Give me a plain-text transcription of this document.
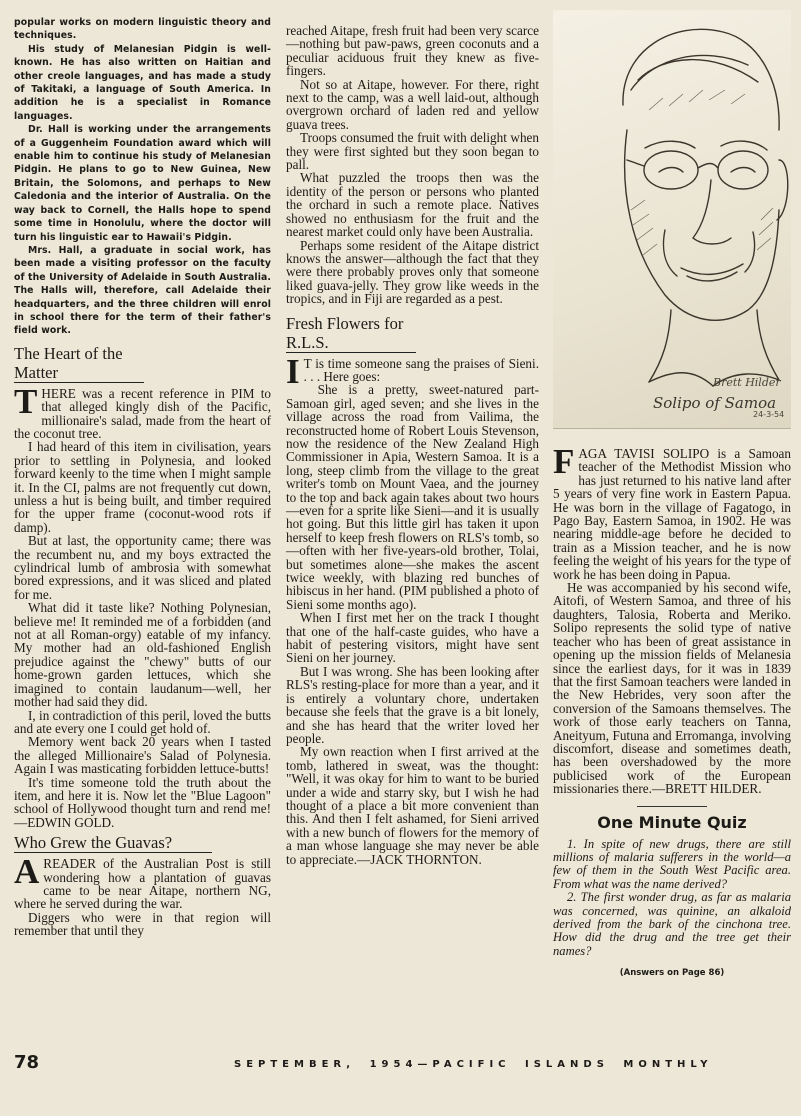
popular works on modern linguistic theory and techniques.

His study of Melanesian Pidgin is well-known. He has also written on Haitian and other creole languages, and has made a study of Takitaki, a language of South America. In addition he is a specialist in Romance languages.

Dr. Hall is working under the arrangements of a Guggenheim Foundation award which will enable him to continue his study of Melanesian Pidgin. He plans to go to New Guinea, New Britain, the Solomons, and perhaps to New Caledonia and the interior of Australia. On the way back to Cornell, the Halls hope to spend some time in Honolulu, where the doctor will turn his linguistic ear to Hawaii's Pidgin.

Mrs. Hall, a graduate in social work, has been made a visiting professor on the faculty of the University of Adelaide in South Australia. The Halls will, therefore, call Adelaide their headquarters, and the three children will enrol in school there for the term of their father's field work.

The Heart of the
Matter

THERE was a recent reference in PIM to that alleged kingly dish of the Pacific, millionaire's salad, made from the heart of the coconut tree.

I had heard of this item in civilisation, years prior to settling in Polynesia, and looked forward keenly to the time when I might sample it. In the CI, palms are not frequently cut down, unless a hut is being built, and timber required for the upper frame (coconut-wood rots if damp).

But at last, the opportunity came; there was the recumbent nu, and my boys extracted the cylindrical lumb of ambrosia with somewhat bored expressions, and it was sliced and plated for me.

What did it taste like? Nothing Polynesian, believe me! It reminded me of a forbidden (and not at all Roman-orgy) eatable of my infancy. My mother had an old-fashioned English prejudice against the "chewy" butts of our home-grown garden lettuces, which she imagined to contain laudanum—well, her mother had said they did.

I, in contradiction of this peril, loved the butts and ate every one I could get hold of.

Memory went back 20 years when I tasted the alleged Millionaire's Salad of Polynesia. Again I was masticating forbidden lettuce-butts!

It's time someone told the truth about the item, and here it is. Now let the "Blue Lagoon" school of Hollywood thought turn and rend me!—EDWIN GOLD.

Who Grew the Guavas?

AREADER of the Australian Post is still wondering how a plantation of guavas came to be near Aitape, northern NG, where he served during the war.

Diggers who were in that region will remember that until they

reached Aitape, fresh fruit had been very scarce—nothing but paw-paws, green coconuts and a peculiar aciduous fruit they knew as five-fingers.

Not so at Aitape, however. For there, right next to the camp, was a well laid-out, although overgrown orchard of laden red and yellow guava trees.

Troops consumed the fruit with delight when they were first sighted but they soon began to pall.

What puzzled the troops then was the identity of the person or persons who planted the orchard in such a remote place. Natives showed no enthusiasm for the fruit and the nearest market could only have been Australia.

Perhaps some resident of the Aitape district knows the answer—although the fact that they were there probably proves only that someone liked guava-jelly. They grow like weeds in the tropics, and in Fiji are regarded as a pest.

Fresh Flowers for
R.L.S.

I T is time someone sang the praises of Sieni. . . . Here goes:

She is a pretty, sweet-natured part-Samoan girl, aged seven; and she lives in the village across the road from Vailima, the reconstructed home of Robert Louis Stevenson, now the residence of the New Zealand High Commissioner in Apia, Western Samoa. It is a long, steep climb from the village to the great writer's tomb on Mount Vaea, and the journey to the top and back again takes about two hours—even for a sprite like Sieni—and it is usually hot going. But this little girl has taken it upon herself to keep fresh flowers on RLS's tomb, so—often with her five-years-old brother, Tolai, but sometimes alone—she makes the ascent twice weekly, with blazing red bunches of hibiscus in her hand. (PIM published a photo of Sieni some months ago).

When I first met her on the track I thought that one of the half-caste guides, who have a habit of pestering visitors, might have sent Sieni on her journey.

But I was wrong. She has been looking after RLS's resting-place for more than a year, and it is entirely a voluntary chore, undertaken because she feels that the grave is a bit lonely, and she has heard that the writer loved her people.

My own reaction when I first arrived at the tomb, lathered in sweat, was the thought: "Well, it was okay for him to want to be buried under a wide and starry sky, but I wish he had thought of a place a bit more convenient than this. And then I felt ashamed, for Sieni arrived with a new bunch of flowers for the memory of a man whose language she may never be able to appreciate.—JACK THORNTON.

Solipo of Samoa
Brett Hilder
24-3-54

FAGA TAVISI SOLIPO is a Samoan teacher of the Methodist Mission who has just returned to his native land after 5 years of very fine work in Eastern Papua. He was born in the village of Fagatogo, in Pago Bay, Eastern Samoa, in 1902. He was nearing middle-age before he decided to train as a Mission teacher, and he is now feeling the weight of his years for the type of work he has been doing in Papua.

He was accompanied by his second wife, Aitofi, of Western Samoa, and three of his daughters, Talosia, Roberta and Meriko. Solipo represents the solid type of native teacher who has been of great assistance in opening up the mission fields of Melanesia since the earliest days, for it was in 1839 that the first Samoan teachers were landed in the New Hebrides, very soon after the conversion of the Samoans themselves. The work of those early teachers on Tanna, Aneityum, Futuna and Erromanga, involving discomfort, disease and sometimes death, has been overshadowed by the more publicised work of the European missionaries there.—BRETT HILDER.

One Minute Quiz

1. In spite of new drugs, there are still millions of malaria sufferers in the world—a few of them in the South West Pacific area. From what was the name derived?

2. The first wonder drug, as far as malaria was concerned, was quinine, an alkaloid derived from the bark of the cinchona tree. How did the drug and the tree get their names?

(Answers on Page 86)
78	SEPTEMBER, 1954—PACIFIC ISLANDS MONTHLY
